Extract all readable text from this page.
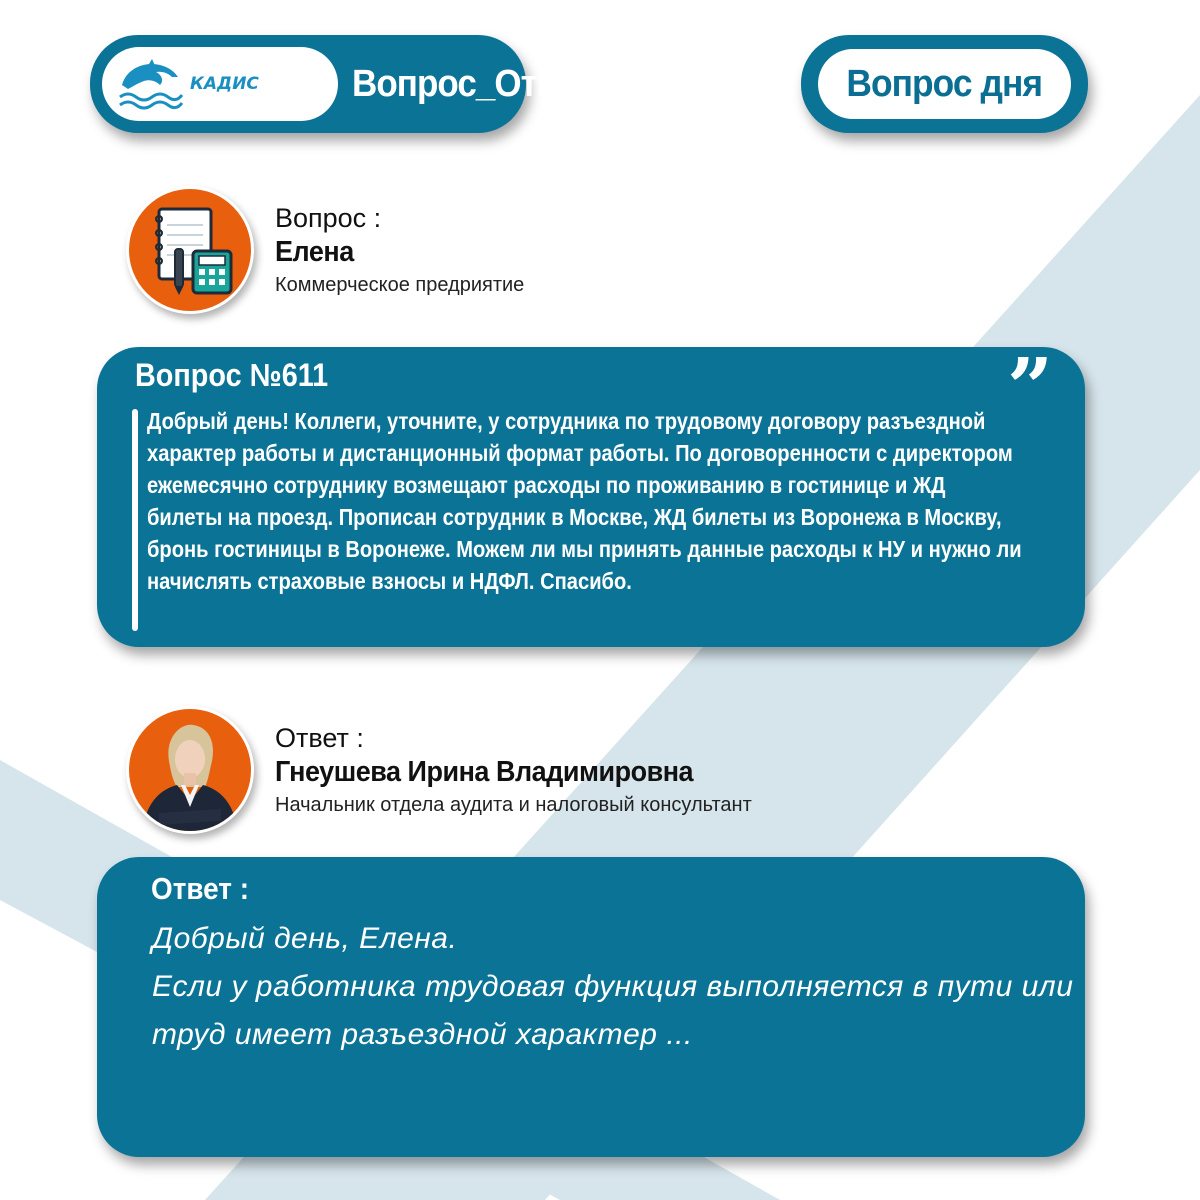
КАДИС Вопрос_Ответ	Вопрос дня
Вопрос :
Елена
Коммерческое предриятие
Вопрос №611	”
Добрый день! Коллеги, уточните, у сотрудника по трудовому договору разъездной характер работы и дистанционный формат работы. По договоренности с директором ежемесячно сотруднику возмещают расходы по проживанию в гостинице и ЖД билеты на проезд. Прописан сотрудник в Москве, ЖД билеты из Воронежа в Москву, бронь гостиницы в Воронеже. Можем ли мы принять данные расходы к НУ и нужно ли начислять страховые взносы и НДФЛ. Спасибо.
Ответ :
Гнеушева Ирина Владимировна
Начальник отдела аудита и налоговый консультант
Ответ :
Добрый день, Елена.
Если у работника трудовая функция выполняется в пути или труд имеет разъездной характер ...
